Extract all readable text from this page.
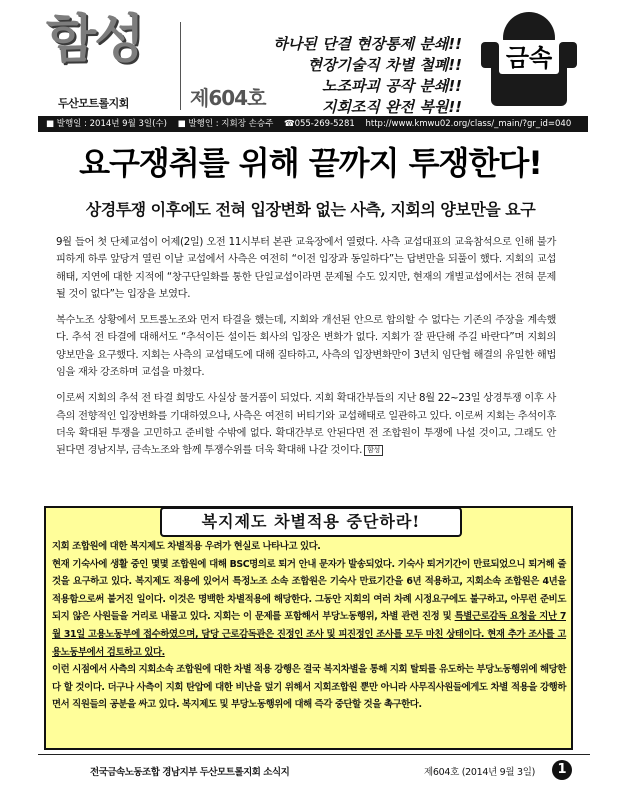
함성
두산모트롤지회	제604호
하나된 단결 현장통제 분쇄!!
현장기술직 차별 철폐!!
노조파괴 공작 분쇄!!
지회조직 완전 복원!!
금속
■ 발행일 : 2014년 9월 3일(수) ■ 발행인 : 지회장 손승주 ☎055-269-5281 http://www.kmwu02.org/class/_main/?gr_id=040
요구쟁취를 위해 끝까지 투쟁한다!
상경투쟁 이후에도 전혀 입장변화 없는 사측, 지회의 양보만을 요구

9월 들어 첫 단체교섭이 어제(2일) 오전 11시부터 본관 교육장에서 열렸다. 사측 교섭대표의 교육참석으로 인해 불가피하게 하루 앞당겨 열린 이날 교섭에서 사측은 여전히 “이전 입장과 동일하다”는 답변만을 되풀이 했다. 지회의 교섭 해태, 지연에 대한 지적에 “창구단일화를 통한 단일교섭이라면 문제될 수도 있지만, 현재의 개별교섭에서는 전혀 문제될 것이 없다”는 입장을 보였다.

복수노조 상황에서 모트롤노조와 먼저 타결을 했는데, 지회와 개선된 안으로 합의할 수 없다는 기존의 주장을 계속했다. 추석 전 타결에 대해서도 “추석이든 설이든 회사의 입장은 변화가 없다. 지회가 잘 판단해 주길 바란다”며 지회의 양보만을 요구했다. 지회는 사측의 교섭태도에 대해 질타하고, 사측의 입장변화만이 3년치 임단협 해결의 유일한 해법임을 재차 강조하며 교섭을 마쳤다.

이로써 지회의 추석 전 타결 희망도 사실상 물거품이 되었다. 지회 확대간부들의 지난 8월 22~23일 상경투쟁 이후 사측의 전향적인 입장변화를 기대하였으나, 사측은 여전히 버티기와 교섭해태로 일관하고 있다. 이로써 지회는 추석이후 더욱 확대된 투쟁을 고민하고 준비할 수밖에 없다. 확대간부로 안된다면 전 조합원이 투쟁에 나설 것이고, 그래도 안 된다면 경남지부, 금속노조와 함께 투쟁수위를 더욱 확대해 나갈 것이다. 함성

복지제도 차별적용 중단하라!

지회 조합원에 대한 복지제도 차별적용 우려가 현실로 나타나고 있다.

현재 기숙사에 생활 중인 몇몇 조합원에 대해 BSC명의로 퇴거 안내 문자가 발송되었다. 기숙사 퇴거기간이 만료되었으니 퇴거해 줄 것을 요구하고 있다. 복지제도 적용에 있어서 특정노조 소속 조합원은 기숙사 만료기간을 6년 적용하고, 지회소속 조합원은 4년을 적용함으로써 붙거진 일이다. 이것은 명백한 차별적용에 해당한다. 그동안 지회의 여러 차례 시정요구에도 불구하고, 아무런 준비도 되지 않은 사원들을 거리로 내몰고 있다. 지회는 이 문제를 포함해서 부당노동행위, 차별 관련 진정 및 특별근로감독 요청을 지난 7월 31일 고용노동부에 접수하였으며, 담당 근로감독관은 진정인 조사 및 피진정인 조사를 모두 마친 상태이다. 현재 추가 조사를 고용노동부에서 검토하고 있다.

이런 시점에서 사측의 지회소속 조합원에 대한 차별 적용 강행은 결국 복지차별을 통해 지회 탈퇴를 유도하는 부당노동행위에 해당한다 할 것이다. 더구나 사측이 지회 탄압에 대한 비난을 덮기 위해서 지회조합원 뿐만 아니라 사무직사원들에게도 차별 적용을 강행하면서 직원들의 공분을 싸고 있다. 복지제도 및 부당노동행위에 대해 즉각 중단할 것을 촉구한다.

전국금속노동조합 경남지부 두산모트롤지회 소식지	제604호 (2014년 9월 3일)	1
